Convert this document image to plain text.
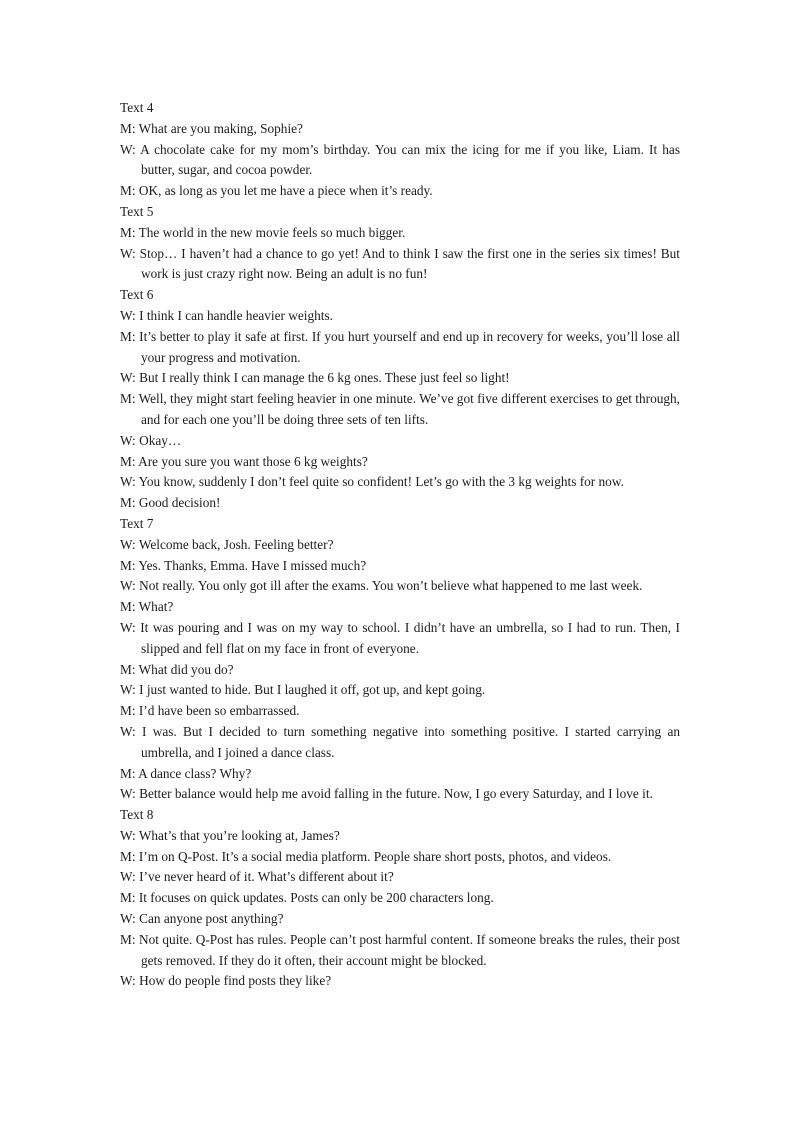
Text 4

M: What are you making, Sophie?

W: A chocolate cake for my mom’s birthday. You can mix the icing for me if you like, Liam. It has butter, sugar, and cocoa powder.

M: OK, as long as you let me have a piece when it’s ready.

Text 5

M: The world in the new movie feels so much bigger.

W: Stop… I haven’t had a chance to go yet! And to think I saw the first one in the series six times! But work is just crazy right now. Being an adult is no fun!

Text 6

W: I think I can handle heavier weights.

M: It’s better to play it safe at first. If you hurt yourself and end up in recovery for weeks, you’ll lose all your progress and motivation.

W: But I really think I can manage the 6 kg ones. These just feel so light!

M: Well, they might start feeling heavier in one minute. We’ve got five different exercises to get through, and for each one you’ll be doing three sets of ten lifts.

W: Okay…

M: Are you sure you want those 6 kg weights?

W: You know, suddenly I don’t feel quite so confident! Let’s go with the 3 kg weights for now.

M: Good decision!

Text 7

W: Welcome back, Josh. Feeling better?

M: Yes. Thanks, Emma. Have I missed much?

W: Not really. You only got ill after the exams. You won’t believe what happened to me last week.

M: What?

W: It was pouring and I was on my way to school. I didn’t have an umbrella, so I had to run. Then, I slipped and fell flat on my face in front of everyone.

M: What did you do?

W: I just wanted to hide. But I laughed it off, got up, and kept going.

M: I’d have been so embarrassed.

W: I was. But I decided to turn something negative into something positive. I started carrying an umbrella, and I joined a dance class.

M: A dance class? Why?

W: Better balance would help me avoid falling in the future. Now, I go every Saturday, and I love it.

Text 8

W: What’s that you’re looking at, James?

M: I’m on Q-Post. It’s a social media platform. People share short posts, photos, and videos.

W: I’ve never heard of it. What’s different about it?

M: It focuses on quick updates. Posts can only be 200 characters long.

W: Can anyone post anything?

M: Not quite. Q-Post has rules. People can’t post harmful content. If someone breaks the rules, their post gets removed. If they do it often, their account might be blocked.

W: How do people find posts they like?
